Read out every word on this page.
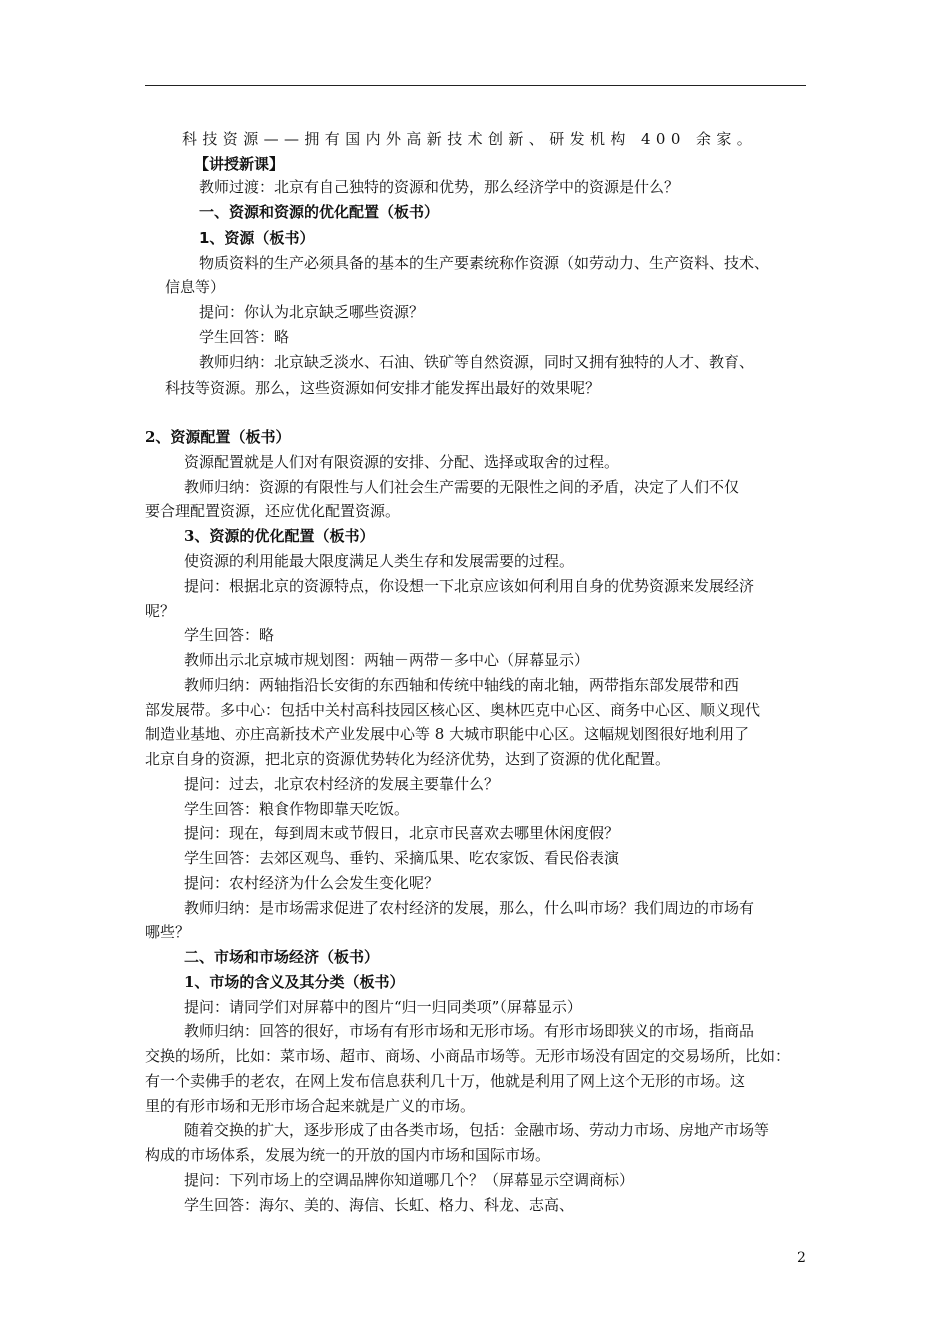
科技资源——拥有国内外高新技术创新、研发机构 400 余家。
【讲授新课】
教师过渡：北京有自己独特的资源和优势，那么经济学中的资源是什么？
一、资源和资源的优化配置（板书）
1、资源（板书）
物质资料的生产必须具备的基本的生产要素统称作资源（如劳动力、生产资料、技术、
信息等）
提问：你认为北京缺乏哪些资源？
学生回答：略
教师归纳：北京缺乏淡水、石油、铁矿等自然资源，同时又拥有独特的人才、教育、
科技等资源。那么，这些资源如何安排才能发挥出最好的效果呢？
2、资源配置（板书）
资源配置就是人们对有限资源的安排、分配、选择或取舍的过程。
教师归纳：资源的有限性与人们社会生产需要的无限性之间的矛盾，决定了人们不仅
要合理配置资源，还应优化配置资源。
3、资源的优化配置（板书）
使资源的利用能最大限度满足人类生存和发展需要的过程。
提问：根据北京的资源特点，你设想一下北京应该如何利用自身的优势资源来发展经济
呢？
学生回答：略
教师出示北京城市规划图：两轴－两带－多中心（屏幕显示）
教师归纳：两轴指沿长安街的东西轴和传统中轴线的南北轴，两带指东部发展带和西
部发展带。多中心：包括中关村高科技园区核心区、奥林匹克中心区、商务中心区、顺义现代
制造业基地、亦庄高新技术产业发展中心等 8 大城市职能中心区。这幅规划图很好地利用了
北京自身的资源，把北京的资源优势转化为经济优势，达到了资源的优化配置。
提问：过去，北京农村经济的发展主要靠什么？
学生回答：粮食作物即靠天吃饭。
提问：现在，每到周末或节假日，北京市民喜欢去哪里休闲度假？
学生回答：去郊区观鸟、垂钓、采摘瓜果、吃农家饭、看民俗表演
提问：农村经济为什么会发生变化呢？
教师归纳：是市场需求促进了农村经济的发展，那么，什么叫市场？我们周边的市场有
哪些？
二、市场和市场经济（板书）
1、市场的含义及其分类（板书）
提问：请同学们对屏幕中的图片“归一归同类项”（屏幕显示）
教师归纳：回答的很好，市场有有形市场和无形市场。有形市场即狭义的市场，指商品
交换的场所，比如：菜市场、超市、商场、小商品市场等。无形市场没有固定的交易场所，比如：
有一个卖佛手的老农，在网上发布信息获利几十万，他就是利用了网上这个无形的市场。这
里的有形市场和无形市场合起来就是广义的市场。
随着交换的扩大，逐步形成了由各类市场，包括：金融市场、劳动力市场、房地产市场等
构成的市场体系，发展为统一的开放的国内市场和国际市场。
提问：下列市场上的空调品牌你知道哪几个？（屏幕显示空调商标）
学生回答：海尔、美的、海信、长虹、格力、科龙、志高、
2
